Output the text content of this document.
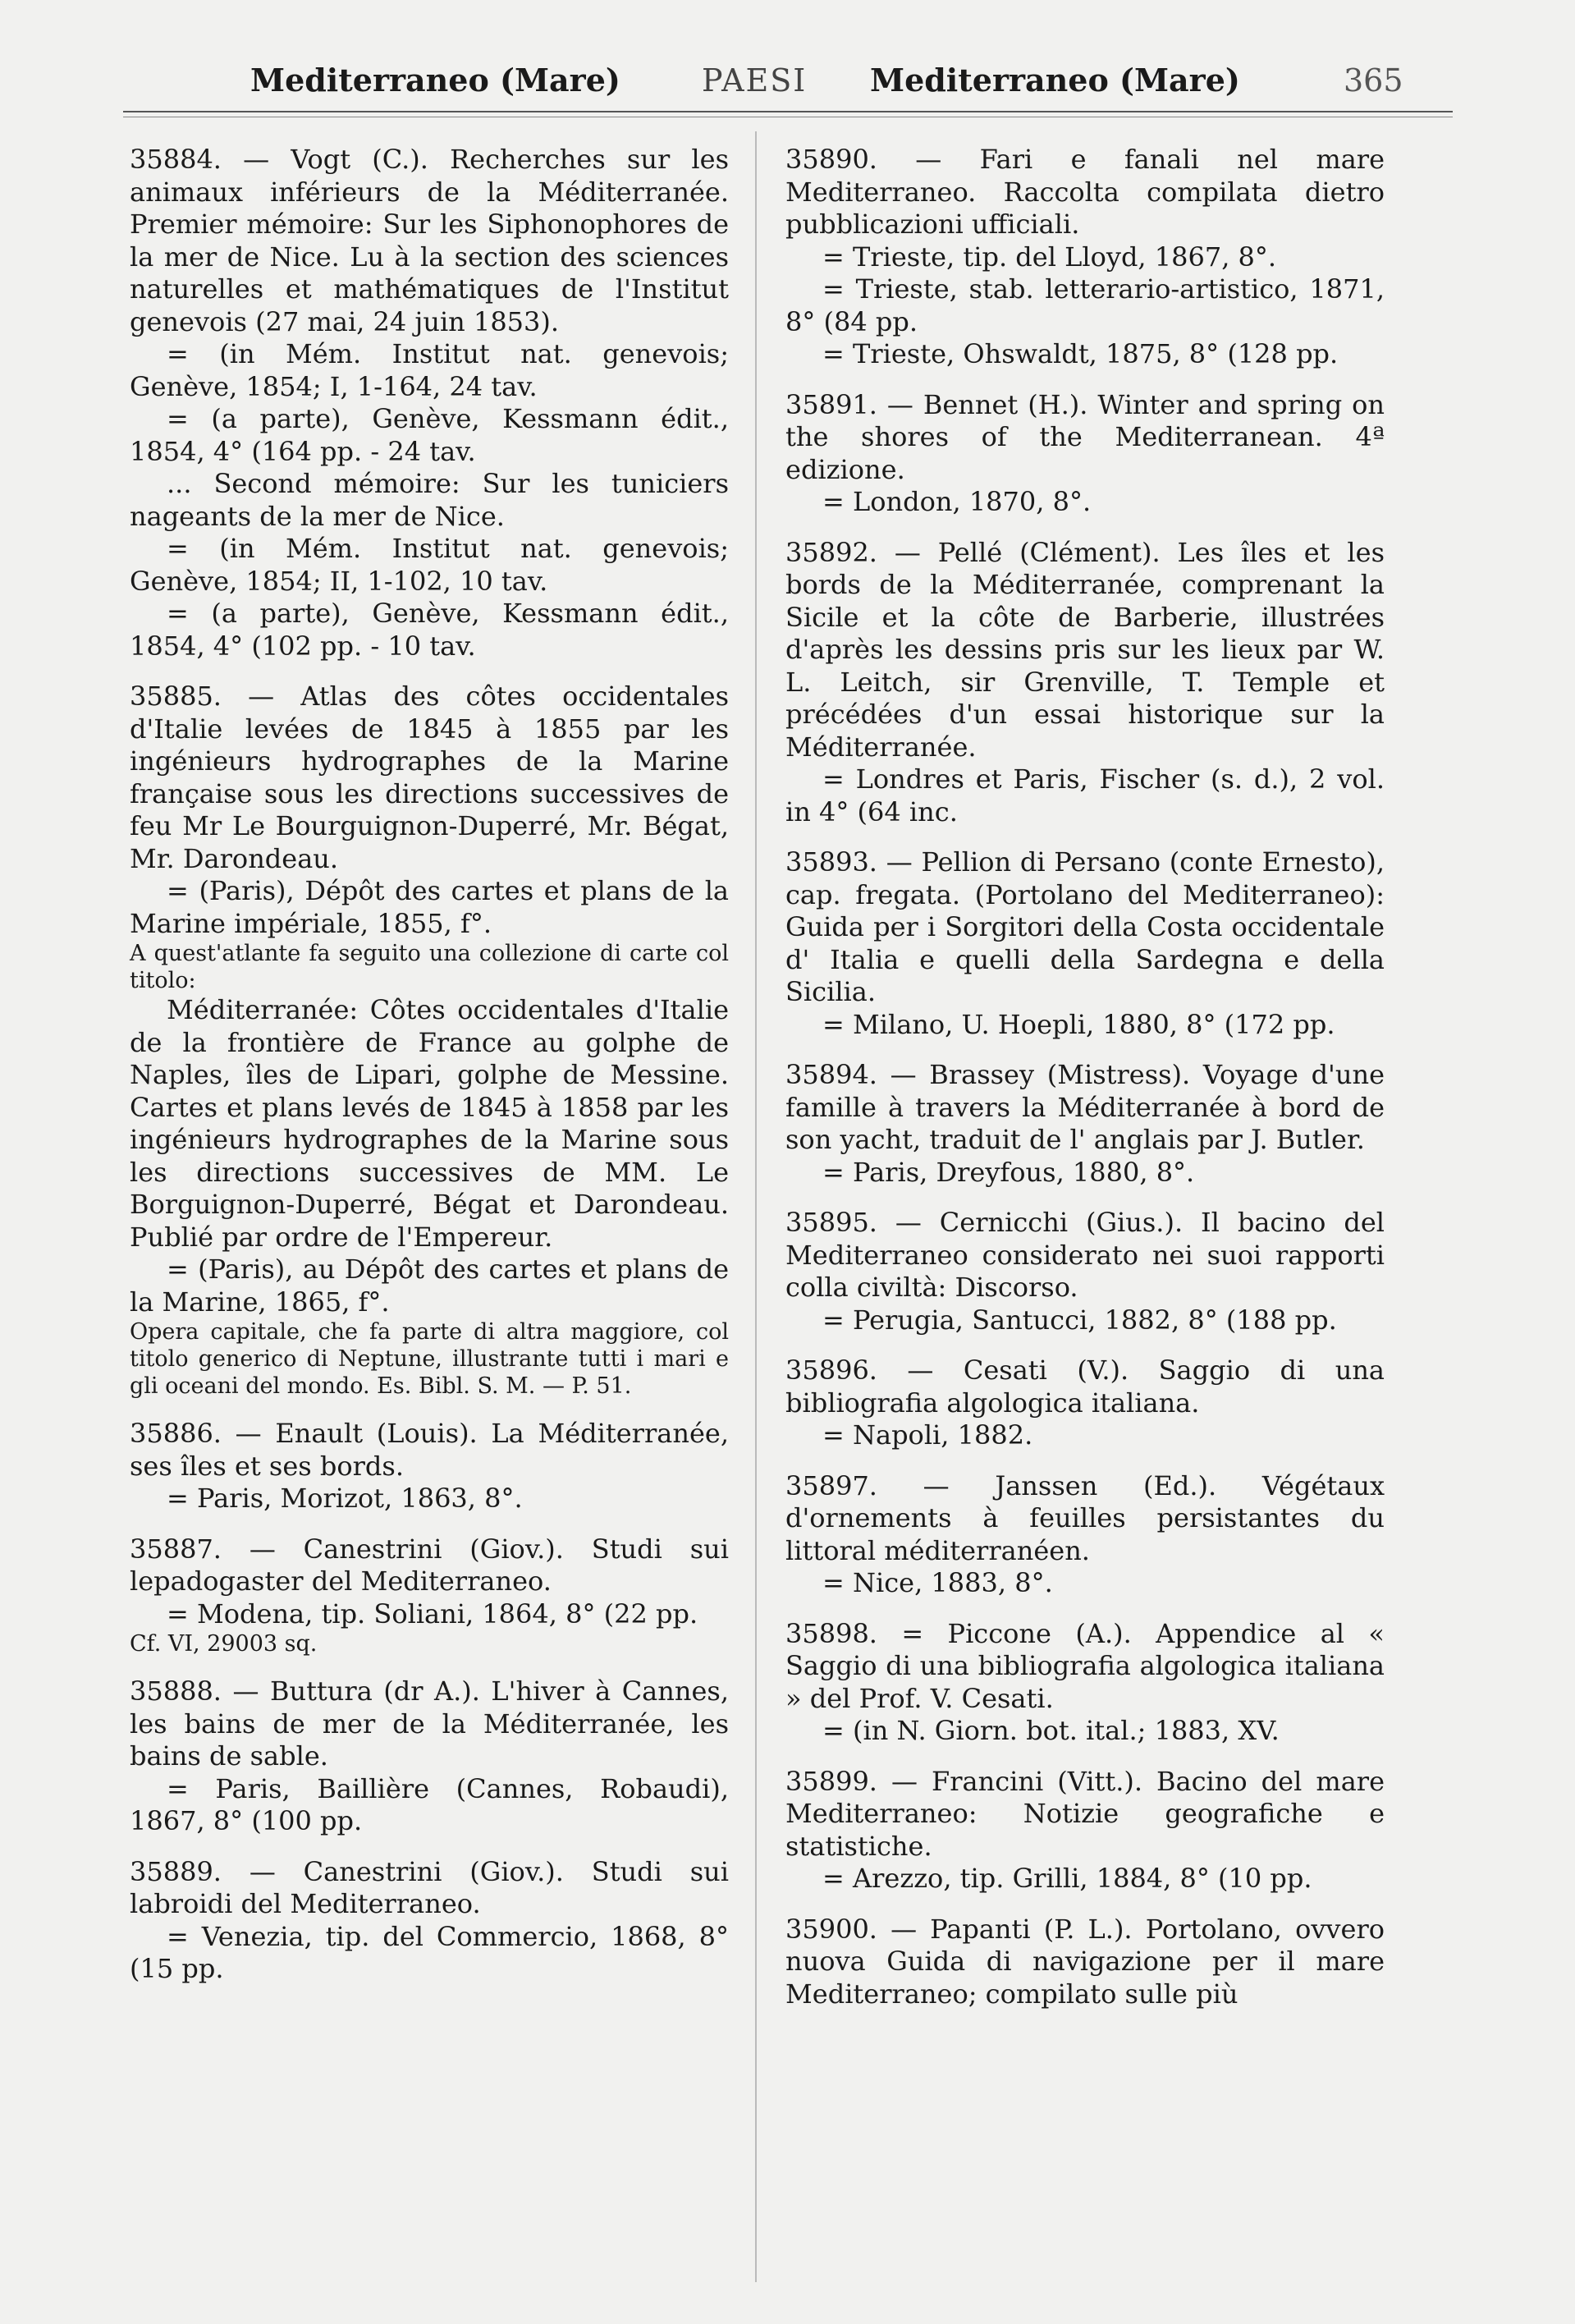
Mediterraneo (Mare)	PAESI Mediterraneo (Mare)	365

35884. — Vogt (C.). Recherches sur les animaux inférieurs de la Méditerranée. Premier mémoire: Sur les Siphonophores de la mer de Nice. Lu à la section des sciences naturelles et mathématiques de l'Institut genevois (27 mai, 24 juin 1853).

= (in Mém. Institut nat. genevois; Genève, 1854; I, 1-164, 24 tav.

= (a parte), Genève, Kessmann édit., 1854, 4° (164 pp. - 24 tav.

... Second mémoire: Sur les tuniciers nageants de la mer de Nice.

= (in Mém. Institut nat. genevois; Genève, 1854; II, 1-102, 10 tav.

= (a parte), Genève, Kessmann édit., 1854, 4° (102 pp. - 10 tav.

35885. — Atlas des côtes occidentales d'Italie levées de 1845 à 1855 par les ingénieurs hydrographes de la Marine française sous les directions successives de feu Mr Le Bourguignon-Duperré, Mr. Bégat, Mr. Darondeau.

= (Paris), Dépôt des cartes et plans de la Marine impériale, 1855, f°.

A quest'atlante fa seguito una collezione di carte col titolo:

Méditerranée: Côtes occidentales d'Italie de la frontière de France au golphe de Naples, îles de Lipari, golphe de Messine. Cartes et plans levés de 1845 à 1858 par les ingénieurs hydrographes de la Marine sous les directions successives de MM. Le Borguignon-Duperré, Bégat et Darondeau. Publié par ordre de l'Empereur.

= (Paris), au Dépôt des cartes et plans de la Marine, 1865, f°.

Opera capitale, che fa parte di altra maggiore, col titolo generico di Neptune, illustrante tutti i mari e gli oceani del mondo. Es. Bibl. S. M. — P. 51.

35886. — Enault (Louis). La Méditerranée, ses îles et ses bords.

= Paris, Morizot, 1863, 8°.

35887. — Canestrini (Giov.). Studi sui lepadogaster del Mediterraneo.

= Modena, tip. Soliani, 1864, 8° (22 pp.

Cf. VI, 29003 sq.

35888. — Buttura (dr A.). L'hiver à Cannes, les bains de mer de la Méditerranée, les bains de sable.

= Paris, Baillière (Cannes, Robaudi), 1867, 8° (100 pp.

35889. — Canestrini (Giov.). Studi sui labroidi del Mediterraneo.

= Venezia, tip. del Commercio, 1868, 8° (15 pp.

35890. — Fari e fanali nel mare Mediterraneo. Raccolta compilata dietro pubblicazioni ufficiali.

= Trieste, tip. del Lloyd, 1867, 8°.

= Trieste, stab. letterario-artistico, 1871, 8° (84 pp.

= Trieste, Ohswaldt, 1875, 8° (128 pp.

35891. — Bennet (H.). Winter and spring on the shores of the Mediterranean. 4ª edizione.

= London, 1870, 8°.

35892. — Pellé (Clément). Les îles et les bords de la Méditerranée, comprenant la Sicile et la côte de Barberie, illustrées d'après les dessins pris sur les lieux par W. L. Leitch, sir Grenville, T. Temple et précédées d'un essai historique sur la Méditerranée.

= Londres et Paris, Fischer (s. d.), 2 vol. in 4° (64 inc.

35893. — Pellion di Persano (conte Ernesto), cap. fregata. (Portolano del Mediterraneo): Guida per i Sorgitori della Costa occidentale d' Italia e quelli della Sardegna e della Sicilia.

= Milano, U. Hoepli, 1880, 8° (172 pp.

35894. — Brassey (Mistress). Voyage d'une famille à travers la Méditerranée à bord de son yacht, traduit de l' anglais par J. Butler.

= Paris, Dreyfous, 1880, 8°.

35895. — Cernicchi (Gius.). Il bacino del Mediterraneo considerato nei suoi rapporti colla civiltà: Discorso.

= Perugia, Santucci, 1882, 8° (188 pp.

35896. — Cesati (V.). Saggio di una bibliografia algologica italiana.

= Napoli, 1882.

35897. — Janssen (Ed.). Végétaux d'ornements à feuilles persistantes du littoral méditerranéen.

= Nice, 1883, 8°.

35898. = Piccone (A.). Appendice al « Saggio di una bibliografia algologica italiana » del Prof. V. Cesati.

= (in N. Giorn. bot. ital.; 1883, XV.

35899. — Francini (Vitt.). Bacino del mare Mediterraneo: Notizie geografiche e statistiche.

= Arezzo, tip. Grilli, 1884, 8° (10 pp.

35900. — Papanti (P. L.). Portolano, ovvero nuova Guida di navigazione per il mare Mediterraneo; compilato sulle più
